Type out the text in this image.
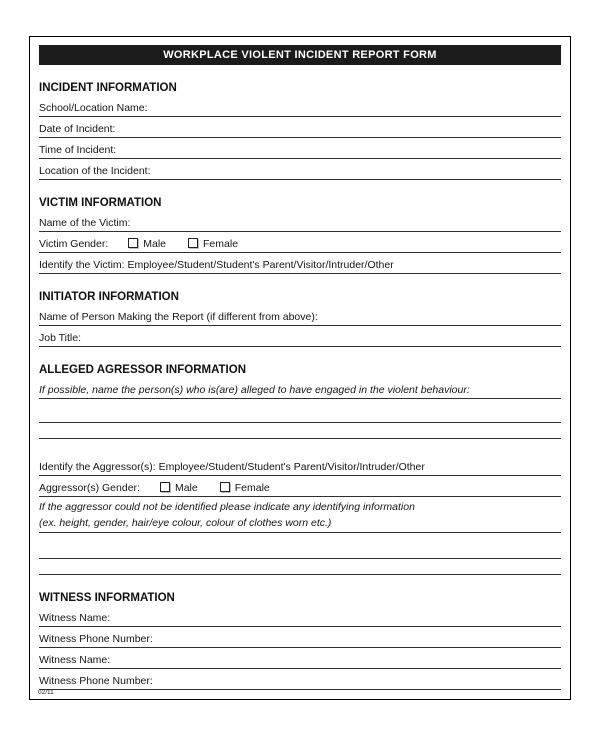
WORKPLACE VIOLENT INCIDENT REPORT FORM
INCIDENT INFORMATION
School/Location Name:
Date of Incident:
Time of Incident:
Location of the Incident:
VICTIM INFORMATION
Name of the Victim:
Victim Gender:	Male	Female
Identify the Victim: Employee/Student/Student's Parent/Visitor/Intruder/Other
INITIATOR INFORMATION
Name of Person Making the Report (if different from above):
Job Title:
ALLEGED AGRESSOR INFORMATION
If possible, name the person(s) who is(are) alleged to have engaged in the violent behaviour:
Identify the Aggressor(s): Employee/Student/Student's Parent/Visitor/Intruder/Other
Aggressor(s) Gender:	Male	Female
If the aggressor could not be identified please indicate any identifying information
(ex. height, gender, hair/eye colour, colour of clothes worn etc.)
WITNESS INFORMATION
Witness Name:
Witness Phone Number:
Witness Name:
Witness Phone Number:
02/11
